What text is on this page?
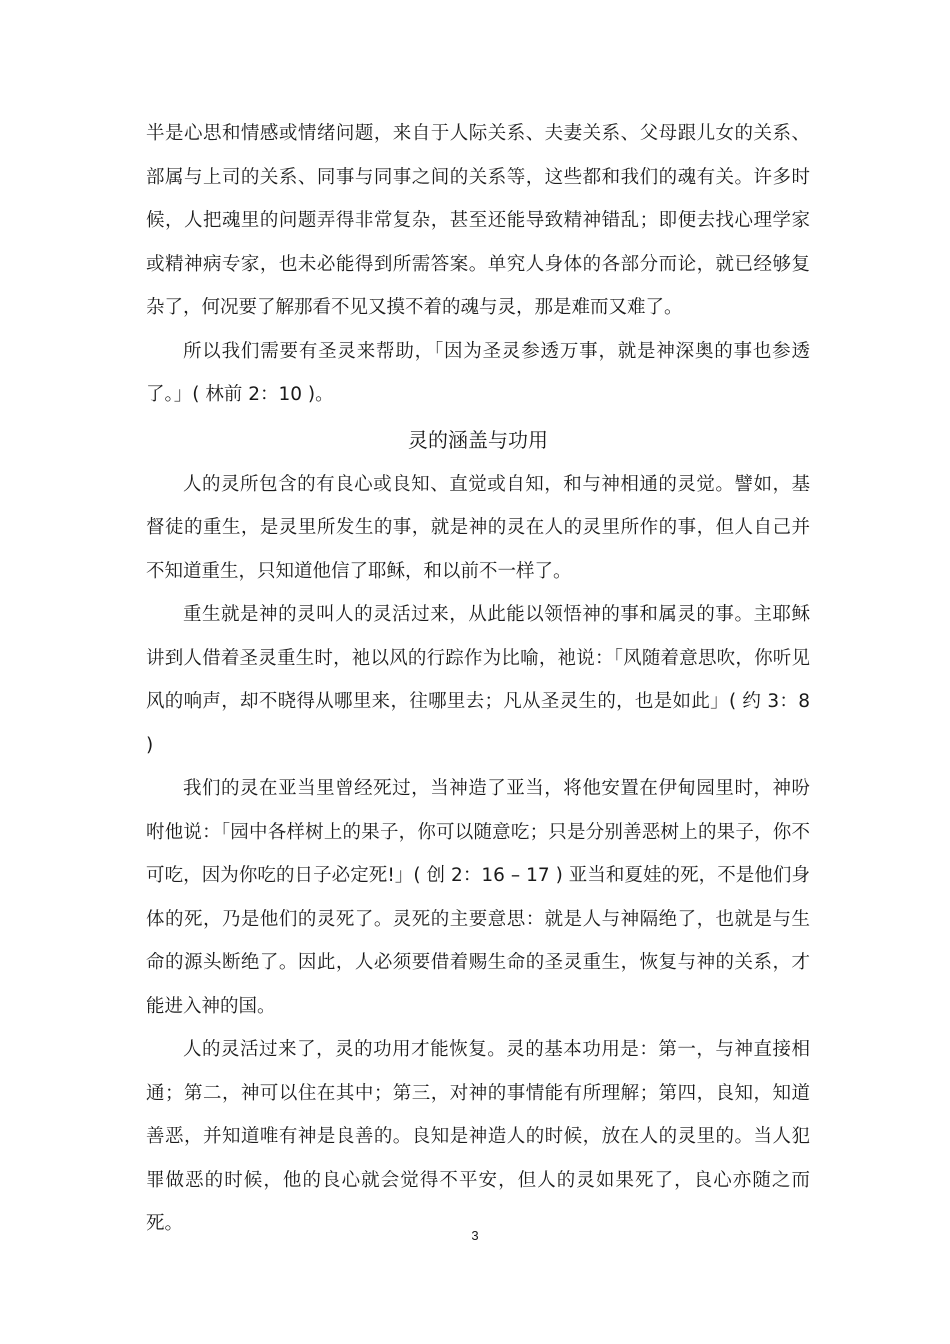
半是心思和情感或情绪问题，来自于人际关系、夫妻关系、父母跟儿女的关系、部属与上司的关系、同事与同事之间的关系等，这些都和我们的魂有关。许多时候，人把魂里的问题弄得非常复杂，甚至还能导致精神错乱；即便去找心理学家或精神病专家，也未必能得到所需答案。单究人身体的各部分而论，就已经够复杂了，何况要了解那看不见又摸不着的魂与灵，那是难而又难了。

所以我们需要有圣灵来帮助，「因为圣灵参透万事，就是神深奥的事也参透了。」( 林前 2：10 )。

灵的涵盖与功用

人的灵所包含的有良心或良知、直觉或自知，和与神相通的灵觉。譬如，基督徒的重生，是灵里所发生的事，就是神的灵在人的灵里所作的事，但人自己并不知道重生，只知道他信了耶稣，和以前不一样了。

重生就是神的灵叫人的灵活过来，从此能以领悟神的事和属灵的事。主耶稣讲到人借着圣灵重生时，祂以风的行踪作为比喻，祂说：「风随着意思吹，你听见风的响声，却不晓得从哪里来，往哪里去；凡从圣灵生的，也是如此」( 约 3：8 )

我们的灵在亚当里曾经死过，当神造了亚当，将他安置在伊甸园里时，神吩咐他说：「园中各样树上的果子，你可以随意吃；只是分别善恶树上的果子，你不可吃，因为你吃的日子必定死!」( 创 2：16 – 17 ) 亚当和夏娃的死，不是他们身体的死，乃是他们的灵死了。灵死的主要意思：就是人与神隔绝了，也就是与生命的源头断绝了。因此，人必须要借着赐生命的圣灵重生，恢复与神的关系，才能进入神的国。

人的灵活过来了，灵的功用才能恢复。灵的基本功用是：第一，与神直接相通；第二，神可以住在其中；第三，对神的事情能有所理解；第四，良知，知道善恶，并知道唯有神是良善的。良知是神造人的时候，放在人的灵里的。当人犯罪做恶的时候，他的良心就会觉得不平安，但人的灵如果死了，良心亦随之而死。

3
